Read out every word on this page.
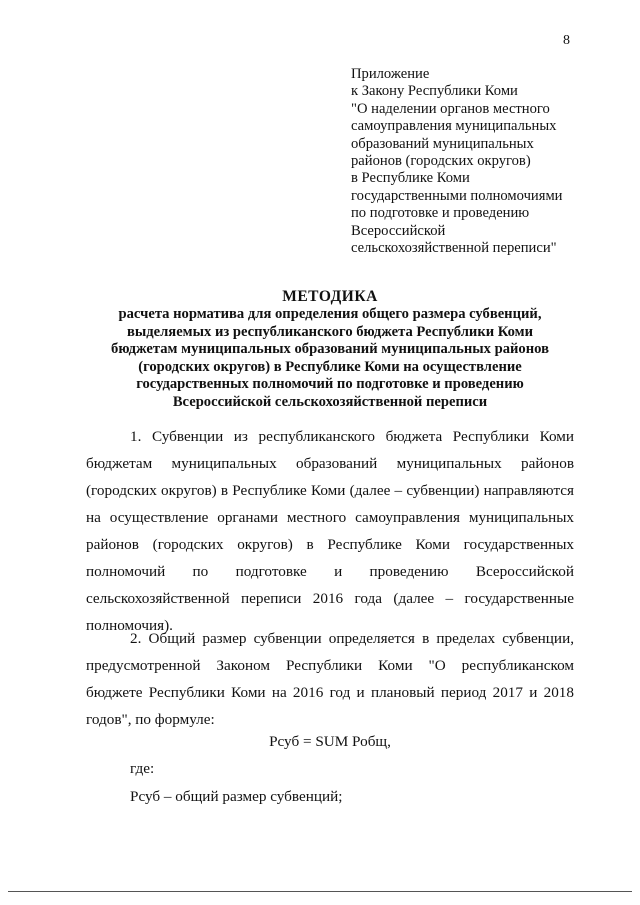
8
Приложение
к Закону Республики Коми
"О наделении органов местного
самоуправления муниципальных
образований муниципальных
районов (городских округов)
в Республике Коми
государственными полномочиями
по подготовке и проведению
Всероссийской
сельскохозяйственной переписи"
МЕТОДИКА
расчета норматива для определения общего размера субвенций,
выделяемых из республиканского бюджета Республики Коми
бюджетам муниципальных образований муниципальных районов
(городских округов) в Республике Коми на осуществление
государственных полномочий по подготовке и проведению
Всероссийской сельскохозяйственной переписи
1. Субвенции из республиканского бюджета Республики Коми
бюджетам муниципальных образований муниципальных районов
(городских округов) в Республике Коми (далее – субвенции) направляются
на осуществление органами местного самоуправления муниципальных
районов (городских округов) в Республике Коми государственных
полномочий по подготовке и проведению Всероссийской
сельскохозяйственной переписи 2016 года (далее – государственные
полномочия).
2. Общий размер субвенции определяется в пределах субвенции,
предусмотренной Законом Республики Коми "О республиканском
бюджете Республики Коми на 2016 год и плановый период 2017 и 2018
годов", по формуле:
Рсуб = SUM Робщ,
где:
Рсуб – общий размер субвенций;
